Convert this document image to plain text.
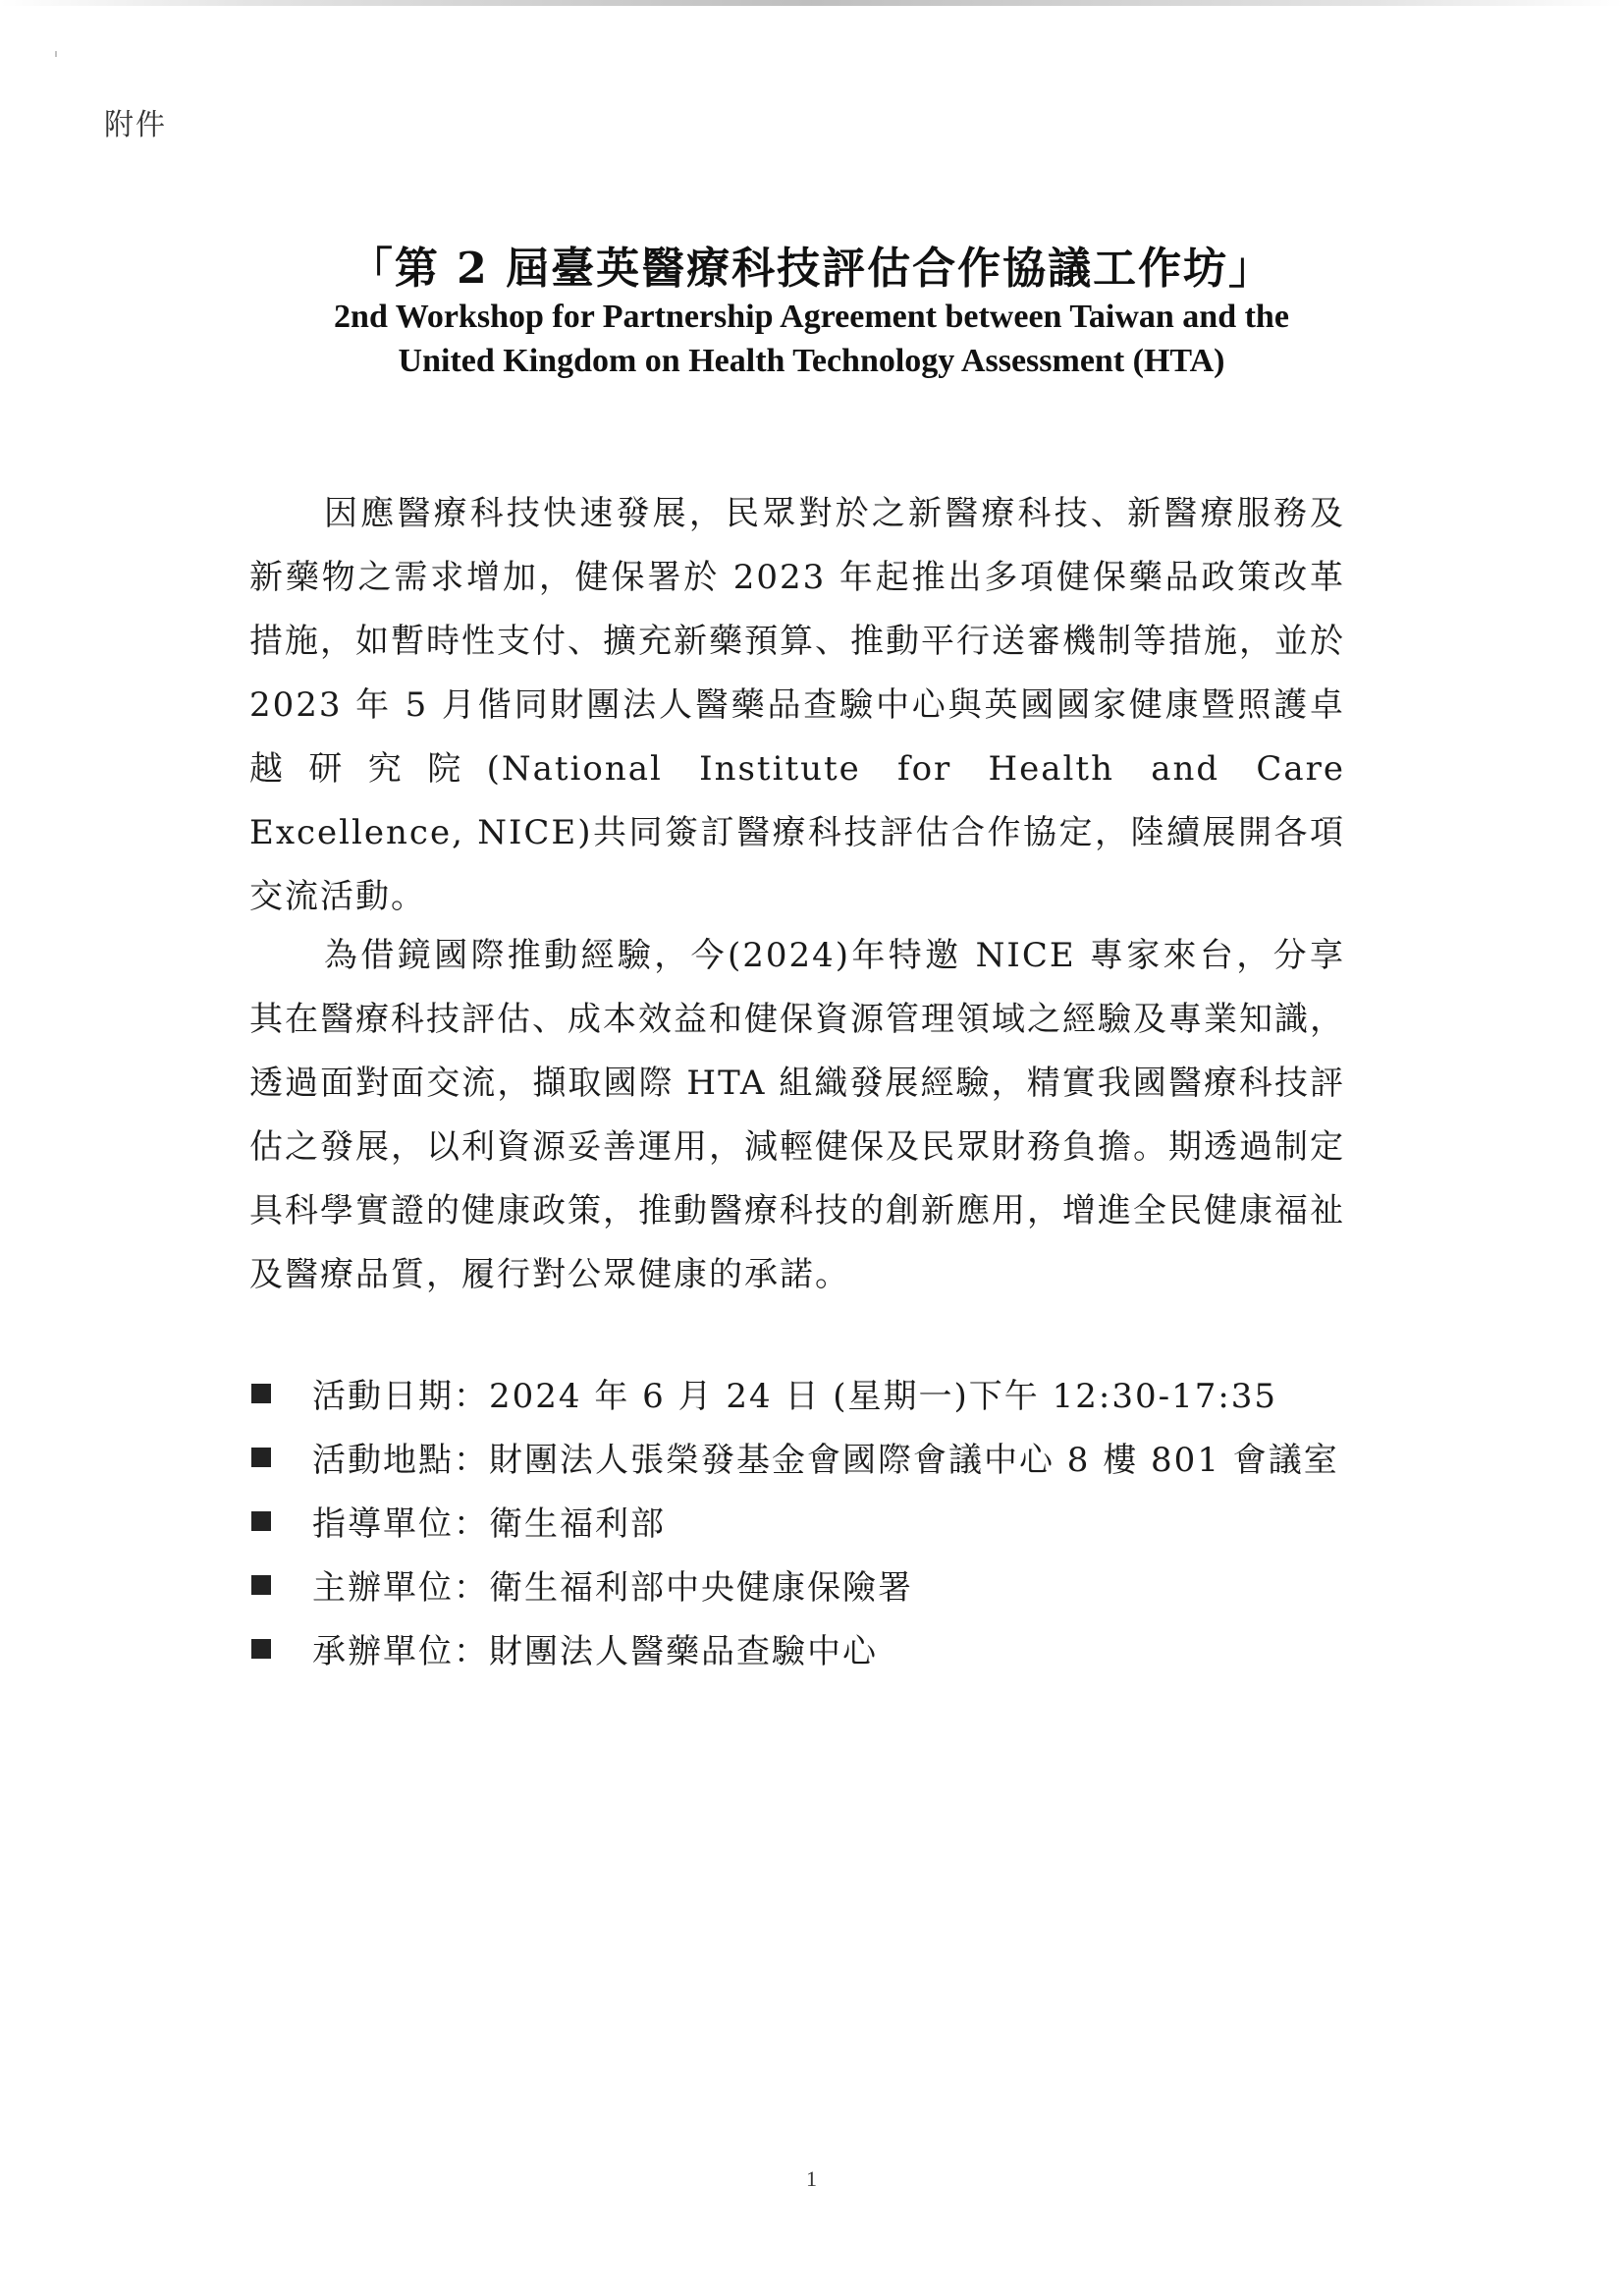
附件
「第 2 屆臺英醫療科技評估合作協議工作坊」
2nd Workshop for Partnership Agreement between Taiwan and the
United Kingdom on Health Technology Assessment (HTA)

因應醫療科技快速發展，民眾對於之新醫療科技、新醫療服務及新藥物之需求增加，健保署於 2023 年起推出多項健保藥品政策改革措施，如暫時性支付、擴充新藥預算、推動平行送審機制等措施，並於 2023 年 5 月偕同財團法人醫藥品查驗中心與英國國家健康暨照護卓越研究院(National Institute for Health and Care Excellence, NICE)共同簽訂醫療科技評估合作協定，陸續展開各項交流活動。

為借鏡國際推動經驗，今(2024)年特邀 NICE 專家來台，分享其在醫療科技評估、成本效益和健保資源管理領域之經驗及專業知識，透過面對面交流，擷取國際 HTA 組織發展經驗，精實我國醫療科技評估之發展，以利資源妥善運用，減輕健保及民眾財務負擔。期透過制定具科學實證的健康政策，推動醫療科技的創新應用，增進全民健康福祉及醫療品質，履行對公眾健康的承諾。

活動日期：2024 年 6 月 24 日 (星期一)下午 12:30-17:35
活動地點：財團法人張榮發基金會國際會議中心 8 樓 801 會議室
指導單位：衛生福利部
主辦單位：衛生福利部中央健康保險署
承辦單位：財團法人醫藥品查驗中心
1
